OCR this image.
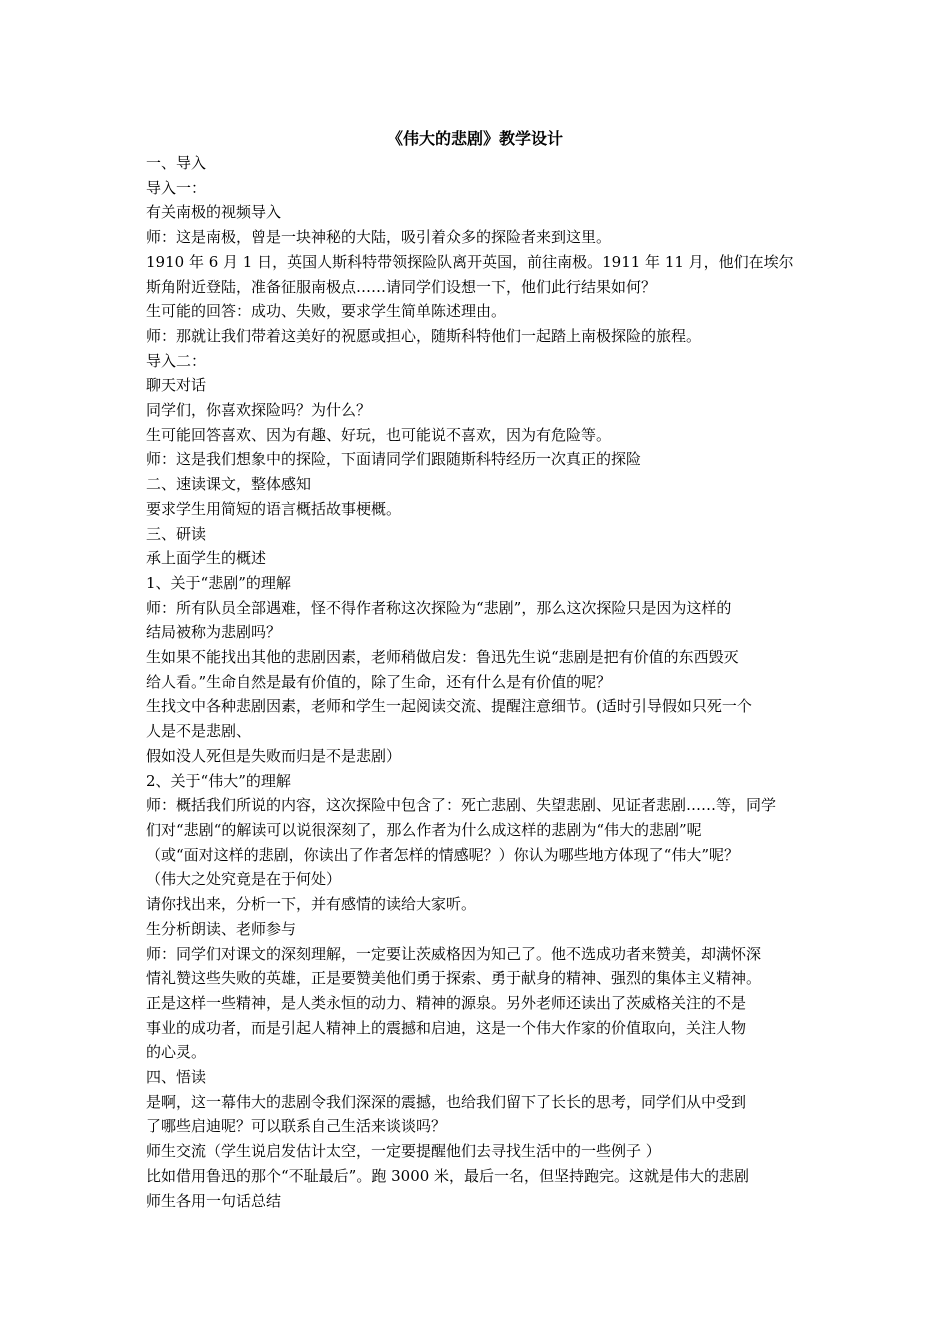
《伟大的悲剧》教学设计

一、导入

导入一：

有关南极的视频导入

师：这是南极，曾是一块神秘的大陆，吸引着众多的探险者来到这里。

1910 年 6 月 1 日，英国人斯科特带领探险队离开英国，前往南极。1911 年 11 月，他们在埃尔

斯角附近登陆，准备征服南极点……请同学们设想一下，他们此行结果如何？

生可能的回答：成功、失败，要求学生简单陈述理由。

师：那就让我们带着这美好的祝愿或担心，随斯科特他们一起踏上南极探险的旅程。

导入二：

聊天对话

同学们，你喜欢探险吗？为什么？

生可能回答喜欢、因为有趣、好玩，也可能说不喜欢，因为有危险等。

师：这是我们想象中的探险，下面请同学们跟随斯科特经历一次真正的探险

二、速读课文，整体感知

要求学生用简短的语言概括故事梗概。

三、研读

承上面学生的概述

1、关于“悲剧”的理解

师：所有队员全部遇难，怪不得作者称这次探险为“悲剧”，那么这次探险只是因为这样的

结局被称为悲剧吗？

生如果不能找出其他的悲剧因素，老师稍做启发：鲁迅先生说“悲剧是把有价值的东西毁灭

给人看。”生命自然是最有价值的，除了生命，还有什么是有价值的呢？

生找文中各种悲剧因素，老师和学生一起阅读交流、提醒注意细节。(适时引导假如只死一个

人是不是悲剧、

假如没人死但是失败而归是不是悲剧）

2、关于“伟大”的理解

师：概括我们所说的内容，这次探险中包含了：死亡悲剧、失望悲剧、见证者悲剧……等，同学

们对“悲剧“的解读可以说很深刻了，那么作者为什么成这样的悲剧为“伟大的悲剧”呢

（或“面对这样的悲剧，你读出了作者怎样的情感呢？）你认为哪些地方体现了“伟大”呢？

（伟大之处究竟是在于何处）

请你找出来，分析一下，并有感情的读给大家听。

生分析朗读、老师参与

师：同学们对课文的深刻理解，一定要让茨威格因为知己了。他不选成功者来赞美，却满怀深

情礼赞这些失败的英雄，正是要赞美他们勇于探索、勇于献身的精神、强烈的集体主义精神。

正是这样一些精神，是人类永恒的动力、精神的源泉。另外老师还读出了茨威格关注的不是

事业的成功者，而是引起人精神上的震撼和启迪，这是一个伟大作家的价值取向，关注人物

的心灵。

四、悟读

是啊，这一幕伟大的悲剧令我们深深的震撼，也给我们留下了长长的思考，同学们从中受到

了哪些启迪呢？可以联系自己生活来谈谈吗？

师生交流（学生说启发估计太空，一定要提醒他们去寻找生活中的一些例子 ）

比如借用鲁迅的那个“不耻最后”。跑 3000 米，最后一名，但坚持跑完。这就是伟大的悲剧

师生各用一句话总结
